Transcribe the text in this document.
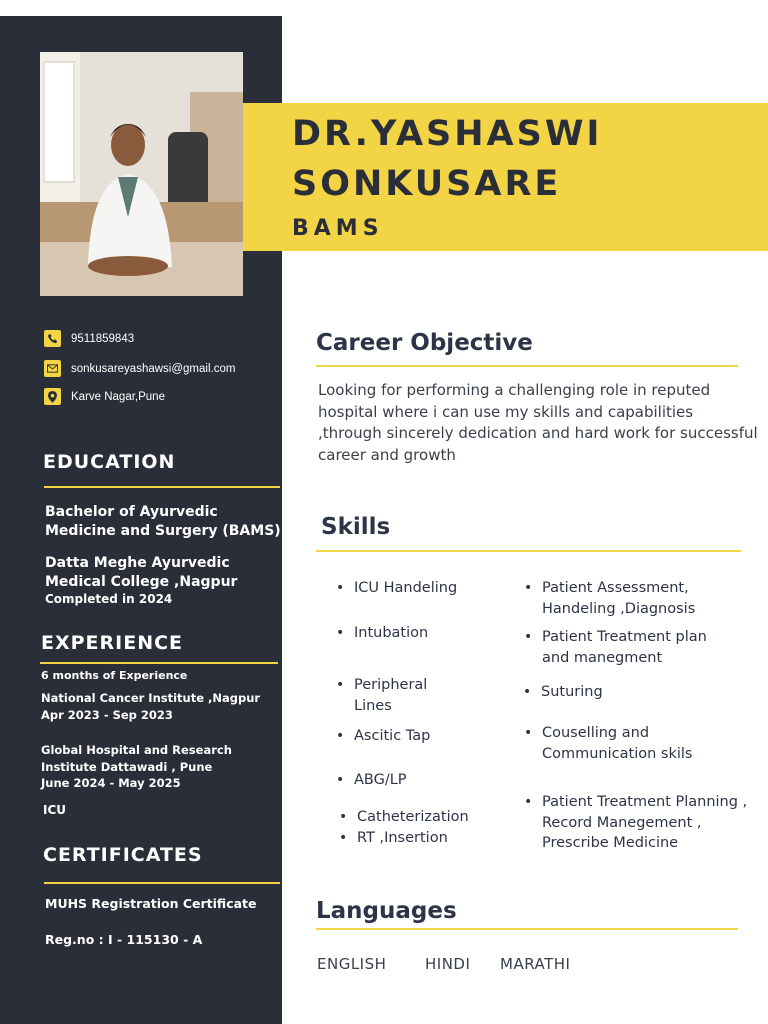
DR.YASHASWI
SONKUSARE
BAMS
9511859843
sonkusareyashawsi@gmail.com
Karve Nagar,Pune
EDUCATION
Bachelor of Ayurvedic
Medicine and Surgery (BAMS)
Datta Meghe Ayurvedic
Medical College ,Nagpur
Completed in 2024
EXPERIENCE
6 months of Experience
National Cancer Institute ,Nagpur
Apr 2023 - Sep 2023
Global Hospital and Research
Institute Dattawadi , Pune
June 2024 - May 2025
ICU
CERTIFICATES
MUHS Registration Certificate
Reg.no : I - 115130 - A
Career Objective
Looking for performing a challenging role in reputed hospital where i can use my skills and capabilities ,through sincerely dedication and hard work for successful career and growth
Skills
• ICU Handeling
• Intubation
• Peripheral Lines
• Ascitic Tap
• ABG/LP
• Catheterization
• RT ,Insertion
• Patient Assessment, Handeling ,Diagnosis
• Patient Treatment plan and manegment
• Suturing
• Couselling and Communication skils
• Patient Treatment Planning , Record Manegement , Prescribe Medicine
Languages
ENGLISH	HINDI MARATHI
